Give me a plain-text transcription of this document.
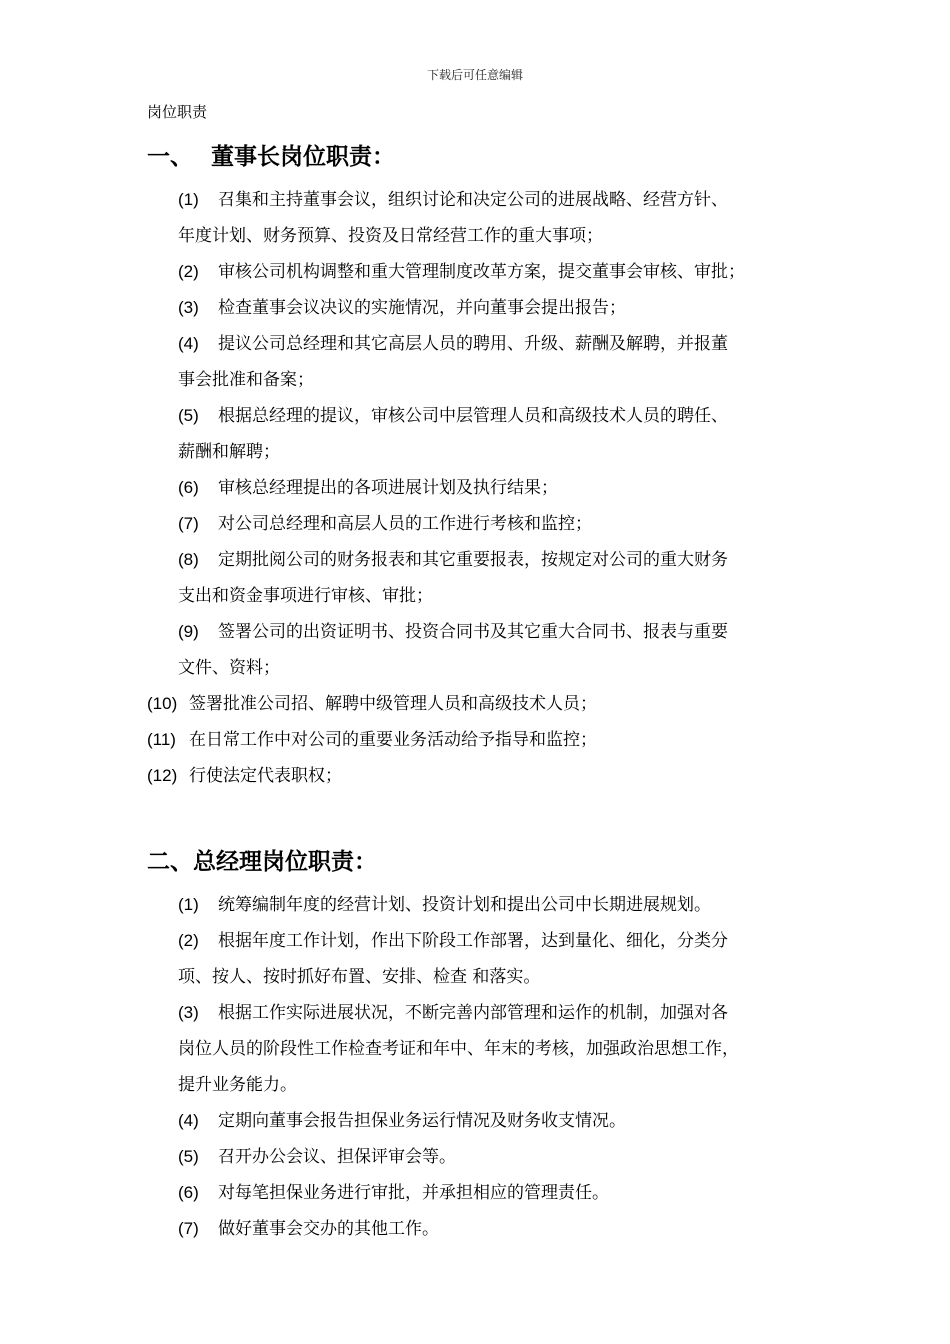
下载后可任意编辑
岗位职责
一、 董事长岗位职责：
二、总经理岗位职责：
(1) 召集和主持董事会议，组织讨论和决定公司的进展战略、经营方针、
年度计划、财务预算、投资及日常经营工作的重大事项；
(2) 审核公司机构调整和重大管理制度改革方案，提交董事会审核、审批；
(3) 检查董事会议决议的实施情况，并向董事会提出报告；
(4) 提议公司总经理和其它高层人员的聘用、升级、薪酬及解聘，并报董
事会批准和备案；
(5) 根据总经理的提议，审核公司中层管理人员和高级技术人员的聘任、
薪酬和解聘；
(6) 审核总经理提出的各项进展计划及执行结果；
(7) 对公司总经理和高层人员的工作进行考核和监控；
(8) 定期批阅公司的财务报表和其它重要报表，按规定对公司的重大财务
支出和资金事项进行审核、审批；
(9) 签署公司的出资证明书、投资合同书及其它重大合同书、报表与重要
文件、资料；
(10) 签署批准公司招、解聘中级管理人员和高级技术人员；
(11) 在日常工作中对公司的重要业务活动给予指导和监控；
(12) 行使法定代表职权；
(1) 统筹编制年度的经营计划、投资计划和提出公司中长期进展规划。
(2) 根据年度工作计划，作出下阶段工作部署，达到量化、细化，分类分
项、按人、按时抓好布置、安排、检查 和落实。
(3) 根据工作实际进展状况，不断完善内部管理和运作的机制，加强对各
岗位人员的阶段性工作检查考证和年中、年末的考核，加强政治思想工作，
提升业务能力。
(4) 定期向董事会报告担保业务运行情况及财务收支情况。
(5) 召开办公会议、担保评审会等。
(6) 对每笔担保业务进行审批，并承担相应的管理责任。
(7) 做好董事会交办的其他工作。
